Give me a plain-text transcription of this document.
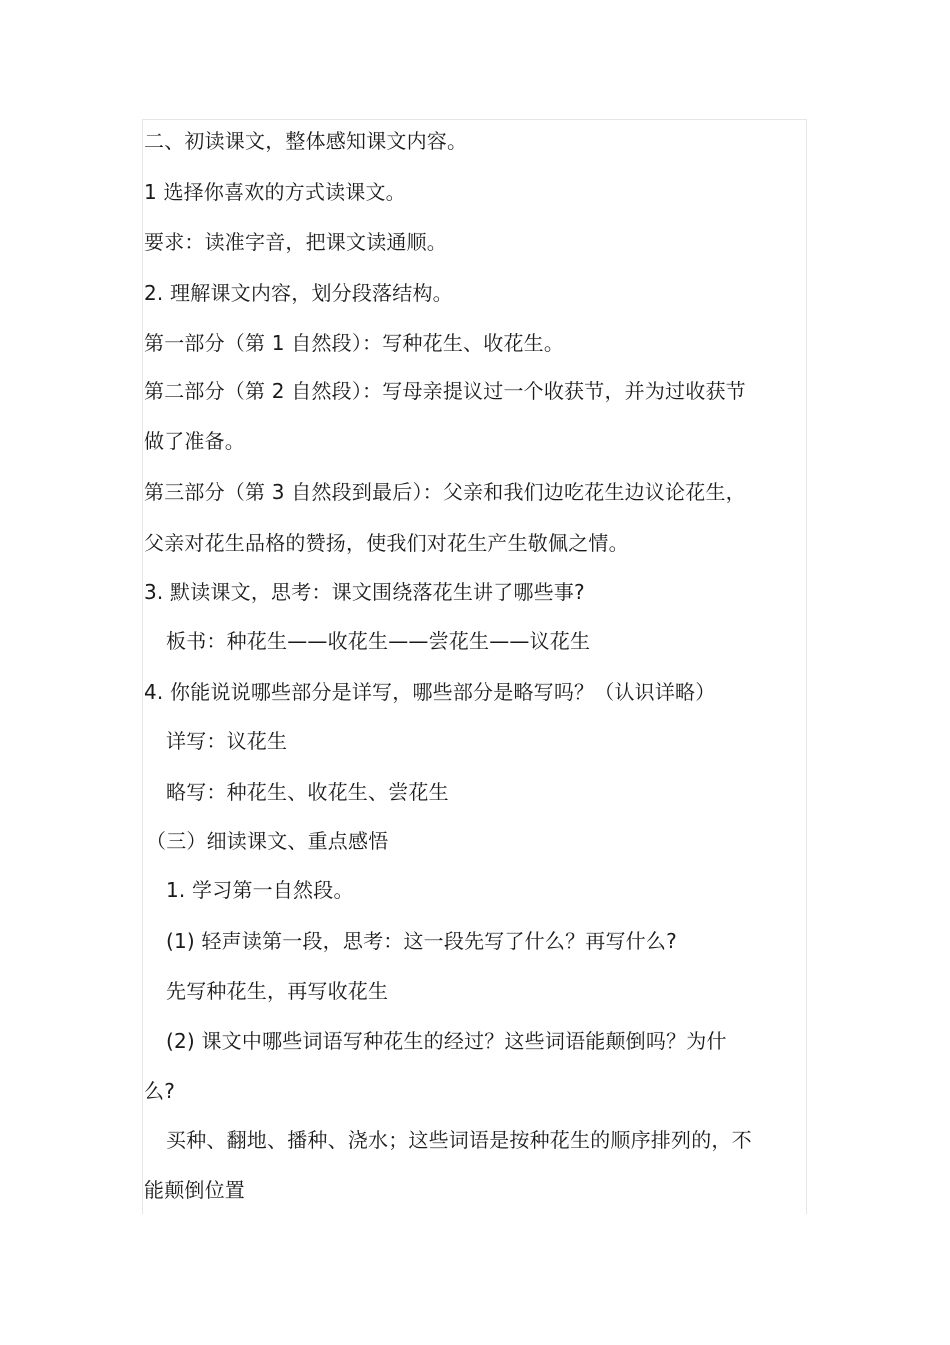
二、初读课文，整体感知课文内容。
1 选择你喜欢的方式读课文。
要求：读准字音，把课文读通顺。
2. 理解课文内容，划分段落结构。
第一部分（第 1 自然段）：写种花生、收花生。
第二部分（第 2 自然段）：写母亲提议过一个收获节，并为过收获节
做了准备。
第三部分（第 3 自然段到最后）：父亲和我们边吃花生边议论花生，
父亲对花生品格的赞扬，使我们对花生产生敬佩之情。
3. 默读课文，思考：课文围绕落花生讲了哪些事?
板书：种花生——收花生——尝花生——议花生
4. 你能说说哪些部分是详写，哪些部分是略写吗？（认识详略）
详写：议花生
略写：种花生、收花生、尝花生
（三）细读课文、重点感悟
1. 学习第一自然段。
(1) 轻声读第一段，思考：这一段先写了什么？再写什么?
先写种花生，再写收花生
(2) 课文中哪些词语写种花生的经过？这些词语能颠倒吗？为什
么?
买种、翻地、播种、浇水；这些词语是按种花生的顺序排列的，不
能颠倒位置
